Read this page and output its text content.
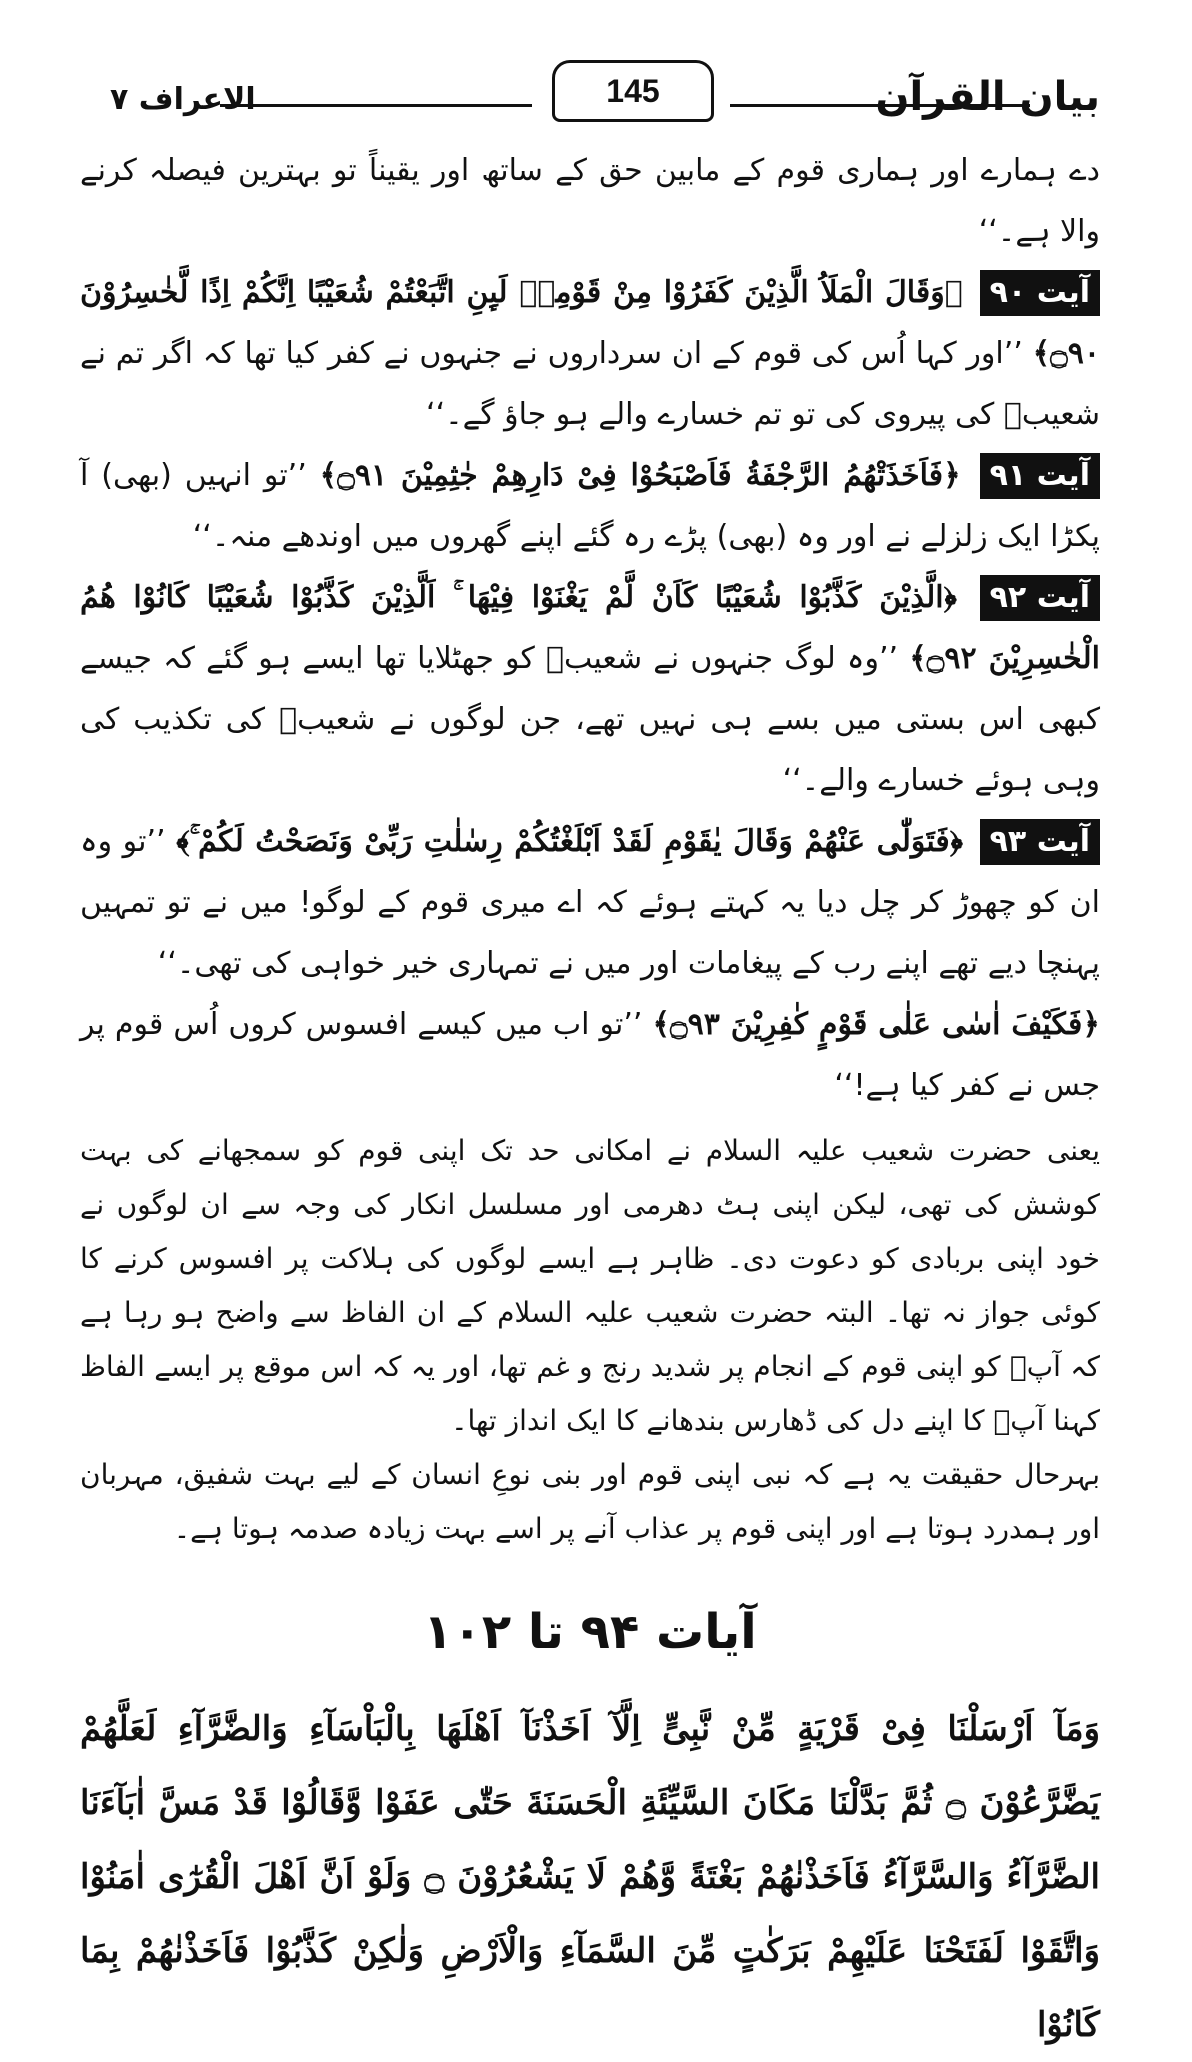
الاعراف ۷	145	بیان القرآن

دے ہمارے اور ہماری قوم کے مابین حق کے ساتھ اور یقیناً تو بہترین فیصلہ کرنے والا ہے۔‘‘

آیت ۹۰ ﴿وَقَالَ الْمَلَاُ الَّذِیْنَ كَفَرُوْا مِنْ قَوْمِهٖ لَىِٕنِ اتَّبَعْتُمْ شُعَیْبًا اِنَّكُمْ اِذًا لَّخٰسِرُوْنَ ۝۹۰﴾ ’’اور کہا اُس کی قوم کے ان سرداروں نے جنہوں نے کفر کیا تھا کہ اگر تم نے شعیبؑ کی پیروی کی تو تم خسارے والے ہو جاؤ گے۔‘‘

آیت ۹۱ ﴿فَاَخَذَتْهُمُ الرَّجْفَةُ فَاَصْبَحُوْا فِیْ دَارِهِمْ جٰثِمِیْنَ ۝۹۱﴾ ’’تو انہیں (بھی) آ پکڑا ایک زلزلے نے اور وہ (بھی) پڑے رہ گئے اپنے گھروں میں اوندھے منہ۔‘‘

آیت ۹۲ ﴿الَّذِیْنَ كَذَّبُوْا شُعَیْبًا كَاَنْ لَّمْ یَغْنَوْا فِیْهَا ۚ اَلَّذِیْنَ كَذَّبُوْا شُعَیْبًا كَانُوْا هُمُ الْخٰسِرِیْنَ ۝۹۲﴾ ’’وہ لوگ جنہوں نے شعیبؑ کو جھٹلایا تھا ایسے ہو گئے کہ جیسے کبھی اس بستی میں بسے ہی نہیں تھے، جن لوگوں نے شعیبؑ کی تکذیب کی وہی ہوئے خسارے والے۔‘‘

آیت ۹۳ ﴿فَتَوَلّٰى عَنْهُمْ وَقَالَ یٰقَوْمِ لَقَدْ اَبْلَغْتُكُمْ رِسٰلٰتِ رَبِّیْ وَنَصَحْتُ لَكُمْ ۚ﴾ ’’تو وہ ان کو چھوڑ کر چل دیا یہ کہتے ہوئے کہ اے میری قوم کے لوگو! میں نے تو تمہیں پہنچا دیے تھے اپنے رب کے پیغامات اور میں نے تمہاری خیر خواہی کی تھی۔‘‘

﴿فَكَیْفَ اٰسٰى عَلٰى قَوْمٍ كٰفِرِیْنَ ۝۹۳﴾ ’’تو اب میں کیسے افسوس کروں اُس قوم پر جس نے کفر کیا ہے!‘‘

یعنی حضرت شعیب علیہ السلام نے امکانی حد تک اپنی قوم کو سمجھانے کی بہت کوشش کی تھی، لیکن اپنی ہٹ دھرمی اور مسلسل انکار کی وجہ سے ان لوگوں نے خود اپنی بربادی کو دعوت دی۔ ظاہر ہے ایسے لوگوں کی ہلاکت پر افسوس کرنے کا کوئی جواز نہ تھا۔ البتہ حضرت شعیب علیہ السلام کے ان الفاظ سے واضح ہو رہا ہے کہ آپؑ کو اپنی قوم کے انجام پر شدید رنج و غم تھا، اور یہ کہ اس موقع پر ایسے الفاظ کہنا آپؑ کا اپنے دل کی ڈھارس بندھانے کا ایک انداز تھا۔

بہرحال حقیقت یہ ہے کہ نبی اپنی قوم اور بنی نوعِ انسان کے لیے بہت شفیق، مہربان اور ہمدرد ہوتا ہے اور اپنی قوم پر عذاب آنے پر اسے بہت زیادہ صدمہ ہوتا ہے۔

آیات ۹۴ تا ۱۰۲

وَمَآ اَرْسَلْنَا فِیْ قَرْیَةٍ مِّنْ نَّبِیٍّ اِلَّآ اَخَذْنَآ اَهْلَهَا بِالْبَاْسَآءِ وَالضَّرَّآءِ لَعَلَّهُمْ

یَضَّرَّعُوْنَ ۝ ثُمَّ بَدَّلْنَا مَكَانَ السَّیِّئَةِ الْحَسَنَةَ حَتّٰى عَفَوْا وَّقَالُوْا قَدْ مَسَّ اٰبَآءَنَا

الضَّرَّآءُ وَالسَّرَّآءُ فَاَخَذْنٰهُمْ بَغْتَةً وَّهُمْ لَا یَشْعُرُوْنَ ۝ وَلَوْ اَنَّ اَهْلَ الْقُرٰٓى اٰمَنُوْا

وَاتَّقَوْا لَفَتَحْنَا عَلَیْهِمْ بَرَكٰتٍ مِّنَ السَّمَآءِ وَالْاَرْضِ وَلٰكِنْ كَذَّبُوْا فَاَخَذْنٰهُمْ بِمَا كَانُوْا
